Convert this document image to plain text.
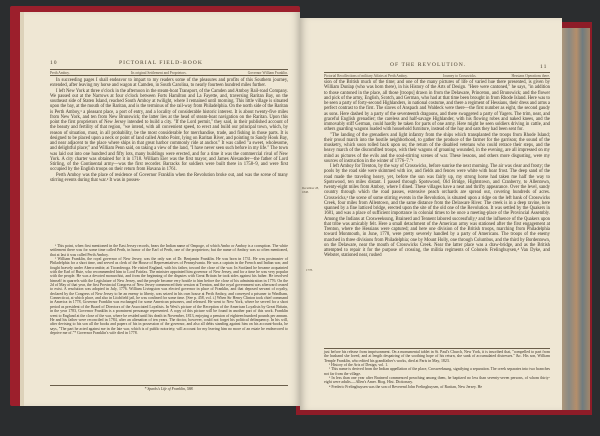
10	PICTORIAL FIELD-BOOK
Perth Amboy.	Its original Settlement and Proprietors.	Governor William Franklin.

In succeeding pages I shall endeavor to impart to my readers some of the pleasures and profits of this Southern journey, extended, after leaving my horse and wagon at Camden, in South Carolina, to nearly fourteen hundred miles further.

I left New York at three o'clock in the afternoon in the steam-boat Transport, of the Camden and Amboy Rail-road Company. We passed out at the Narrows at four o'clock between Forts Hamilton and La Fayette, and, traversing Raritan Bay, on the southeast side of Staten Island, reached South Amboy at twilight, where I remained until morning. This little village is situated upon the bay, at the mouth of the Raritan, and is the terminus of the rail-way from Philadelphia. On the north side of the Raritan is Perth Amboy,¹ a pleasant place, a port of entry, and a locality of considerable historic interest. It is about twenty-five miles from New York, and ten from New Brunswick; the latter lies at the head of steam-boat navigation on the Raritan. Upon this point the first proprietors of New Jersey intended to build a city. "If the Lord permit," they said, in their published account of the beauty and fertility of that region, "we intend, with all convenient speed, to erect and build our principal town, which, by reason of situation, must, in all probability, be the most considerable for merchandise, trade, and fishing in those parts. It is designed to be placed upon a neck or point of land called Ambo Point, lying on Raritan River, and pointing to Sandy Hook Bay, and near adjacent to the place where ships in that great harbor commonly ride at anchor." It was called "a sweet, wholesome, and delightful place;" and William Penn said, on taking a view of the land, "I have never seen such before in my life." The town was laid out into one hundred and fifty lots, many buildings were erected, and for a time it was the commercial rival of New York. A city charter was obtained for it in 1718. William Eier was the first mayor, and James Alexander—the father of Lord Stirling, of the Continental army—was the first recorder. Barracks for soldiers were built there in 1758–9, and were first occupied by the English troops on their return from Havana in 1761.

Perth Amboy was the place of residence of Governor Franklin when the Revolution broke out, and was the scene of many stirring events during that war.² It was in posses-

¹ This point, when first mentioned in the East Jersey records, bears the Indian name of Ompoge, of which Ambo or Amboy is a corruption. The white settlement there was for some time called Perth, in honor of the Earl of Perth, one of the proprietors; but the name of Amboy was so often mentioned, that at last it was called Perth Amboy.

² William Franklin, the royal governor of New Jersey, was the only son of Dr. Benjamin Franklin. He was born in 1731. He was postmaster of Philadelphia for a short time, and served as clerk of the House of Representatives of Pennsylvania. He was a captain in the French and Indian war, and fought bravely under Abercrombie, at Ticonderoga. He visited England, with his father, toward the close of the war. In Scotland he became acquainted with the Earl of Bute, who recommended him to Lord Fairfax. The minister appointed him governor of New Jersey, and for a time he was very popular with the people. He was a devoted monarchist, and from the beginning of the disputes with Great Britain he took sides against his father. He involved himself in quarrels with the Legislature of New Jersey, and the people became very hostile to him before the close of his administration in 1776. On the 2d of May of that year, the first Provincial Congress of New Jersey commenced their session at Trenton, and the royal government was afterward ceased to exist. A resolution was adopted in July, 1776. William Livingston was elected governor in place of Franklin, and that deposed servant of royalty, declared by the Congress of New Jersey to be an enemy to liberty, was seized in his own house at Perth Amboy, and conveyed a prisoner to Windham, Connecticut, at which place, and also in Litchfield jail, he was confined for some time. [See p. 458, vol. i.] When Sir Henry Clinton took chief command in America in 1778, Governor Franklin was exchanged for some American prisoners, and released. He went to New York, where he served for a short period as president of the Board of Directors of the Associated Loyalists. In West's picture of the Reception of the American Loyalists by Great Britain, in the year 1783, Governor Franklin is a prominent personage represented. A copy of this picture will be found in another part of this work. Franklin went to England at the close of the war, where he resided until his death in November, 1813, enjoying a pension of eighteen hundred pounds per annum. He and his father were reconciled in 1784, after an alienation of ten years. The doctor, however, could not forget his political delinquency. In his will, after devising to his son all the books and papers of his in possession of the governor, and also all debts standing against him on his account-books, he says, "The part he acted against me in the late war, which is of public notoriety, will account for my leaving him no more of an estate he endeavored to deprive me of."* Governor Franklin's wife died in 1778.

* Sparks's Life of Franklin, 588.
OF THE REVOLUTION.	11
Pictorial Recollections of military Affairs at Perth Amboy.	Journey to Crosswicks.	Hessians Operations there.
December 28, 1848.
1778.

sion of the British much of the time; and one of the many pictures of life of varied hue there presented, is given by William Dunlap (who was born there), in his History of the Arts of Design. "Here were cantoned," he says, "in addition to those cantoned in the place, all those [troops] drawn in from the Delaware, Princeton, and Brunswick; and the flower and pick of the army, English, Scotch, and German, who had at that time been brought in from Rhode Island. Here was to be seen a party of forty-second Highlanders, in national costume, and there a regiment of Hessians, their dress and arms a perfect contrast to the first. The slaves of Anspach and Waldeck were there—the first number as eight, the second gaudy as sons. Here dashed by a party of the seventeenth dragoons, and there swaggered a party of Yagers. The trim, neat, and graceful English grenadier; the careless and half-savage Highlander, with his flowing robes and naked knees, and the immovably stiff German, could hardly be taken for parts of one army. Here might be seen soldiers driving in cattle, and others guarding wagons loaded with household furniture, instead of the hay and oats they had been sent for.

"The landing of the grenadiers and light infantry from the ships which transplanted the troops from Rhode Island; their proud march into the hostile neighborhood, to gather the produce of the farmer for the garrison; the sound of the musketry, which soon rolled back upon us; the return of the disabled veterans who could retrace their steps, and the heavy march of the discomfited troops, with their wagons of groaning wounded, in the evening, are all impressed on my mind as pictures of the evils and the soul-stirring scenes of war. These lessons, and others more disgusting, were my sources of instruction in the winter of 1776–7."¹

I left Amboy for Trenton, by the way of Crosswicks, before sunrise the next morning. The air was clear and frosty; the pools by the road side were skimmed with ice, and fields and fences were white with hoar frost. The deep sand of the road made the traveling heavy, yet, before the sun was fairly up, my strong horse had taken me half the way to Spotswood, ten miles distant. I passed through Spotswood, Old Bridge, Hightstown, and Cranberry, to Allentown, twenty-eight miles from Amboy, where I dined. These villages have a neat and thrifty appearance. Over the level, sandy country through which the road passes, extensive peach orchards are spread out, covering hundreds of acres. Crosswicks,² the scene of some stirring events in the Revolution, is situated upon a ridge on the left bank of Crosswicks Creek, four miles from Allentown, and the same distance from the Delaware River. The creek is in a deep ravine, here spanned by a fine latticed bridge, erected upon the site of the old one of the Revolution. It was settled by the Quakers in 1681, and was a place of sufficient importance in colonial times to be once a meeting-place of the Provincial Assembly. Among the Indians at Crosweeksung, Brainerd and Tennent labored successfully,³ and the influence of the Quakers upon that tribe was amicably felt. Here a small detachment of the American army was stationed after the first engagement at Trenton, where the Hessians were captured; and here one division of the British troops, marching from Philadelphia toward Monmouth, in June, 1778, were pretty severely handled by a party of Americans. The troops of the enemy marched in three divisions from Philadelphia; one by Mount Holly, one through Columbus, and the third by Bordentown, on the Delaware, near the mouth of Crosswicks Creek. Near the latter place was a draw-bridge, and as the British attempted to repair it for the purpose of crossing, the militia regiments of Colonels Frelinghuysen,⁴ Van Dyke, and Webster, stationed near, rushed

just before his release from imprisonment. On a monumental tablet in St. Paul's Church, New York, it is inscribed that, "compelled to part from the husband she loved, and at length despairing of the soothing hope of his return, she sunk of accumulated distresses." &c. His son, William Temple Franklin, who edited his grandfather's works, died at Paris in May, 1823.

¹ History of the Arts of Design, vol. 1.

² This name is derived from the Indian appellation of the place, Crosweeksung, signifying a separation. The creek separates into two branches not far from the village.

³ In less than one year after Brainerd commenced preaching among them, he baptized no less than seventy-seven persons, of whom thirty-eight were adults.—Allen's Amer. Biog. Hist. Dictionary.

⁴ Frederic Frelinghuysen was the son of Reverend John Frelinghuysen, of Raritan, New Jersey. He
